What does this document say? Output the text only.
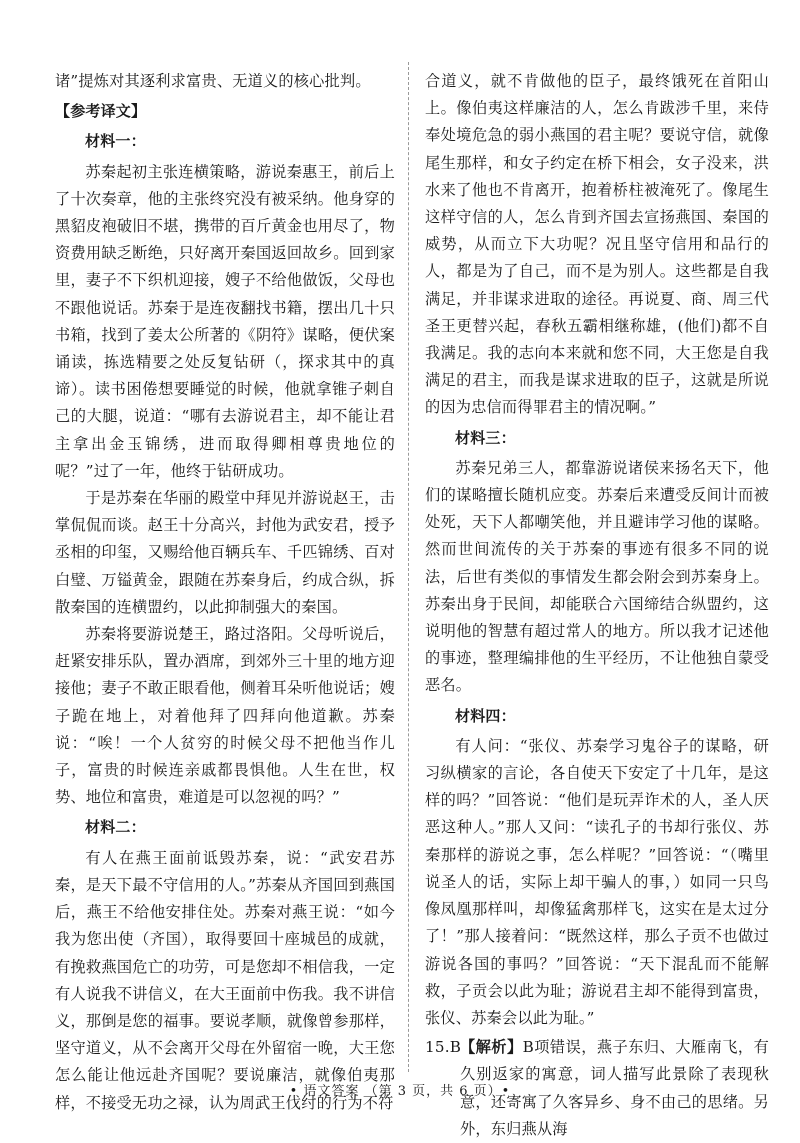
诸”提炼对其逐利求富贵、无道义的核心批判。

【参考译文】

材料一：

苏秦起初主张连横策略，游说秦惠王，前后上了十次奏章，他的主张终究没有被采纳。他身穿的黑貂皮袍破旧不堪，携带的百斤黄金也用尽了，物资费用缺乏断绝，只好离开秦国返回故乡。回到家里，妻子不下织机迎接，嫂子不给他做饭，父母也不跟他说话。苏秦于是连夜翻找书籍，摆出几十只书箱，找到了姜太公所著的《阴符》谋略，便伏案诵读，拣选精要之处反复钻研（，探求其中的真谛）。读书困倦想要睡觉的时候，他就拿锥子刺自己的大腿，说道：“哪有去游说君主，却不能让君主拿出金玉锦绣，进而取得卿相尊贵地位的呢？”过了一年，他终于钻研成功。

于是苏秦在华丽的殿堂中拜见并游说赵王，击掌侃侃而谈。赵王十分高兴，封他为武安君，授予丞相的印玺，又赐给他百辆兵车、千匹锦绣、百对白璧、万镒黄金，跟随在苏秦身后，约成合纵，拆散秦国的连横盟约，以此抑制强大的秦国。

苏秦将要游说楚王，路过洛阳。父母听说后，赶紧安排乐队，置办酒席，到郊外三十里的地方迎接他；妻子不敢正眼看他，侧着耳朵听他说话；嫂子跪在地上，对着他拜了四拜向他道歉。苏秦说：“唉！一个人贫穷的时候父母不把他当作儿子，富贵的时候连亲戚都畏惧他。人生在世，权势、地位和富贵，难道是可以忽视的吗？”

材料二：

有人在燕王面前诋毁苏秦，说：“武安君苏秦，是天下最不守信用的人。”苏秦从齐国回到燕国后，燕王不给他安排住处。苏秦对燕王说：“如今我为您出使（齐国），取得要回十座城邑的成就，有挽救燕国危亡的功劳，可是您却不相信我，一定有人说我不讲信义，在大王面前中伤我。我不讲信义，那倒是您的福事。要说孝顺，就像曾参那样，坚守道义，从不会离开父母在外留宿一晚，大王您怎么能让他远赴齐国呢？要说廉洁，就像伯夷那样，不接受无功之禄，认为周武王伐纣的行为不符

合道义，就不肯做他的臣子，最终饿死在首阳山上。像伯夷这样廉洁的人，怎么肯跋涉千里，来侍奉处境危急的弱小燕国的君主呢？要说守信，就像尾生那样，和女子约定在桥下相会，女子没来，洪水来了他也不肯离开，抱着桥柱被淹死了。像尾生这样守信的人，怎么肯到齐国去宣扬燕国、秦国的威势，从而立下大功呢？况且坚守信用和品行的人，都是为了自己，而不是为别人。这些都是自我满足，并非谋求进取的途径。再说夏、商、周三代圣王更替兴起，春秋五霸相继称雄，(他们)都不自我满足。我的志向本来就和您不同，大王您是自我满足的君主，而我是谋求进取的臣子，这就是所说的因为忠信而得罪君主的情况啊。”

材料三：

苏秦兄弟三人，都靠游说诸侯来扬名天下，他们的谋略擅长随机应变。苏秦后来遭受反间计而被处死，天下人都嘲笑他，并且避讳学习他的谋略。然而世间流传的关于苏秦的事迹有很多不同的说法，后世有类似的事情发生都会附会到苏秦身上。苏秦出身于民间，却能联合六国缔结合纵盟约，这说明他的智慧有超过常人的地方。所以我才记述他的事迹，整理编排他的生平经历，不让他独自蒙受恶名。

材料四：

有人问：“张仪、苏秦学习鬼谷子的谋略，研习纵横家的言论，各自使天下安定了十几年，是这样的吗？”回答说：“他们是玩弄诈术的人，圣人厌恶这种人。”那人又问：“读孔子的书却行张仪、苏秦那样的游说之事，怎么样呢？”回答说：“（嘴里说圣人的话，实际上却干骗人的事，）如同一只鸟像凤凰那样叫，却像猛禽那样飞，这实在是太过分了！”那人接着问：“既然这样，那么子贡不也做过游说各国的事吗？”回答说：“天下混乱而不能解救，子贡会以此为耻；游说君主却不能得到富贵，张仪、苏秦会以此为耻。”

15.B
【解析】B项错误，燕子东归、大雁南飞，有久别返家的寓意，词人描写此景除了表现秋意，还寄寓了久客异乡、身不由己的思绪。另外，东归燕从海

• 语文答案 （第 3 页，共 6 页）•
